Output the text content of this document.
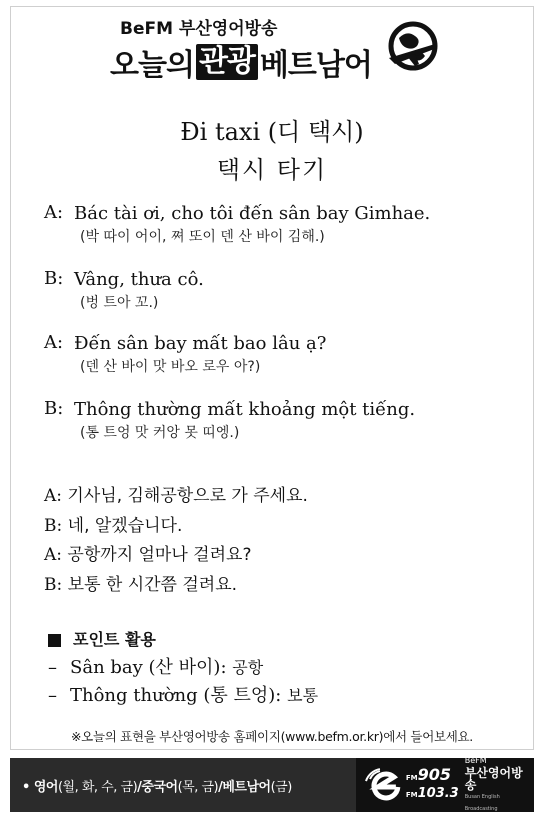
BeFM 부산영어방송
오늘의 관광 베트남어
Đi taxi (디 택시)
택시 타기
A: Bác tài ơi, cho tôi đến sân bay Gimhae.
(박 따이 어이, 쪄 또이 덴 산 바이 김해.)
B: Vâng, thưa cô.
(벙 트아 꼬.)
A: Đến sân bay mất bao lâu ạ?
(덴 산 바이 맛 바오 로우 아?)
B: Thông thường mất khoảng một tiếng.
(통 트엉 맛 커앙 못 띠엥.)
A: 기사님, 김해공항으로 가 주세요.
B: 네, 알겠습니다.
A: 공항까지 얼마나 걸려요?
B: 보통 한 시간쯤 걸려요.
포인트 활용
– Sân bay (산 바이): 공항
– Thông thường (통 트엉): 보통
※오늘의 표현을 부산영어방송 홈페이지(www.befm.or.kr)에서 들어보세요.
• 영어(월, 화, 수, 금)/중국어(목, 금)/베트남어(금)
FM905
FM103.3
BeFM
부산영어방송
Busan English Broadcasting
